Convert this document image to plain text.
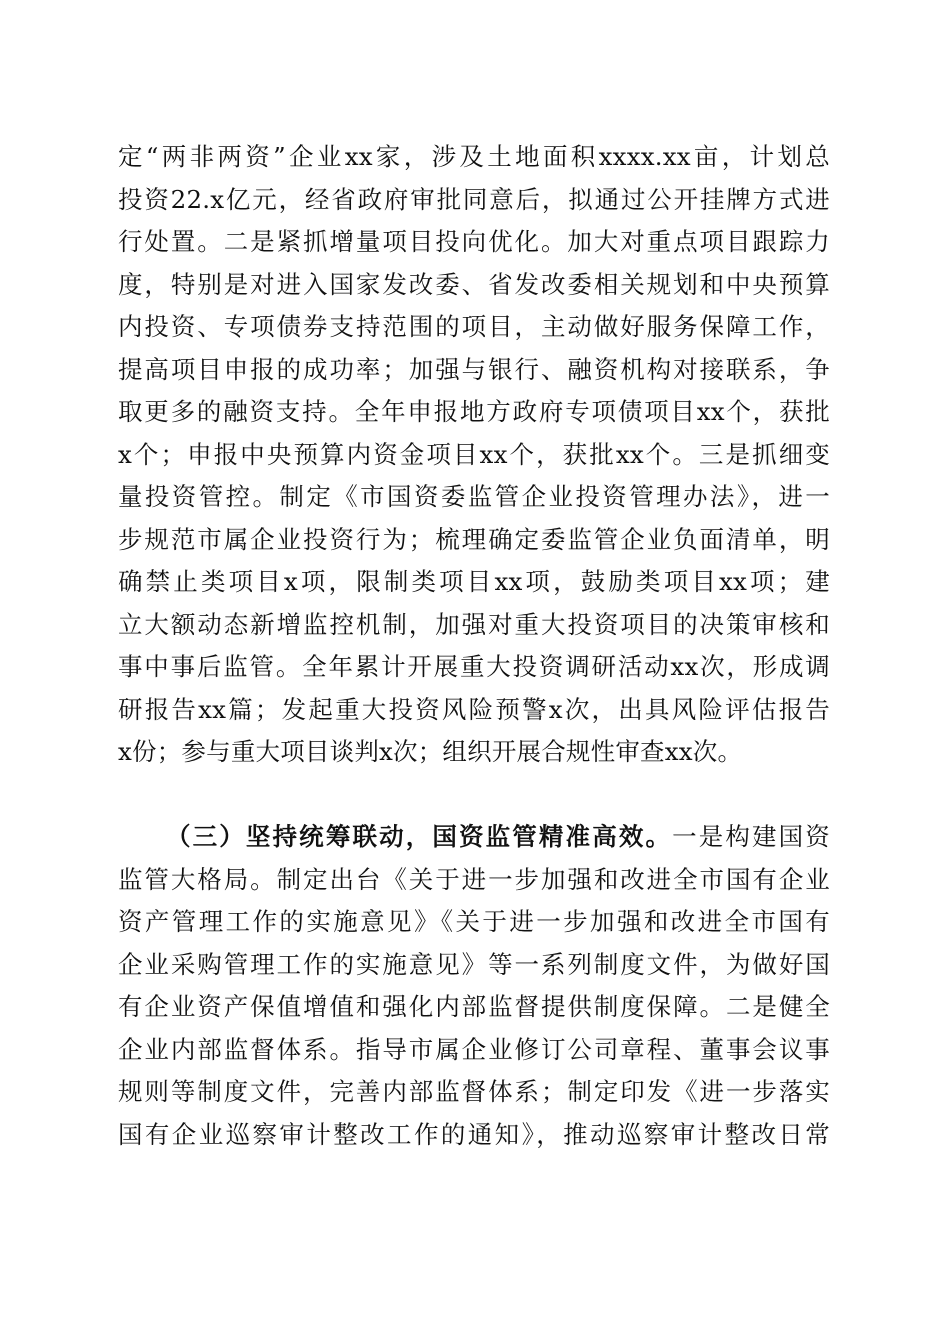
定“两非两资”企业xx家，涉及土地面积xxxx.xx亩，计划总
投资22.x亿元，经省政府审批同意后，拟通过公开挂牌方式进
行处置。二是紧抓增量项目投向优化。加大对重点项目跟踪力
度，特别是对进入国家发改委、省发改委相关规划和中央预算
内投资、专项债券支持范围的项目，主动做好服务保障工作，
提高项目申报的成功率；加强与银行、融资机构对接联系，争
取更多的融资支持。全年申报地方政府专项债项目xx个，获批
x个；申报中央预算内资金项目xx个，获批xx个。三是抓细变
量投资管控。制定《市国资委监管企业投资管理办法》，进一
步规范市属企业投资行为；梳理确定委监管企业负面清单，明
确禁止类项目x项，限制类项目xx项，鼓励类项目xx项；建
立大额动态新增监控机制，加强对重大投资项目的决策审核和
事中事后监管。全年累计开展重大投资调研活动xx次，形成调
研报告xx篇；发起重大投资风险预警x次，出具风险评估报告
x份；参与重大项目谈判x次；组织开展合规性审查xx次。
（三）坚持统筹联动，国资监管精准高效。一是构建国资
监管大格局。制定出台《关于进一步加强和改进全市国有企业
资产管理工作的实施意见》《关于进一步加强和改进全市国有
企业采购管理工作的实施意见》等一系列制度文件，为做好国
有企业资产保值增值和强化内部监督提供制度保障。二是健全
企业内部监督体系。指导市属企业修订公司章程、董事会议事
规则等制度文件，完善内部监督体系；制定印发《进一步落实
国有企业巡察审计整改工作的通知》，推动巡察审计整改日常
